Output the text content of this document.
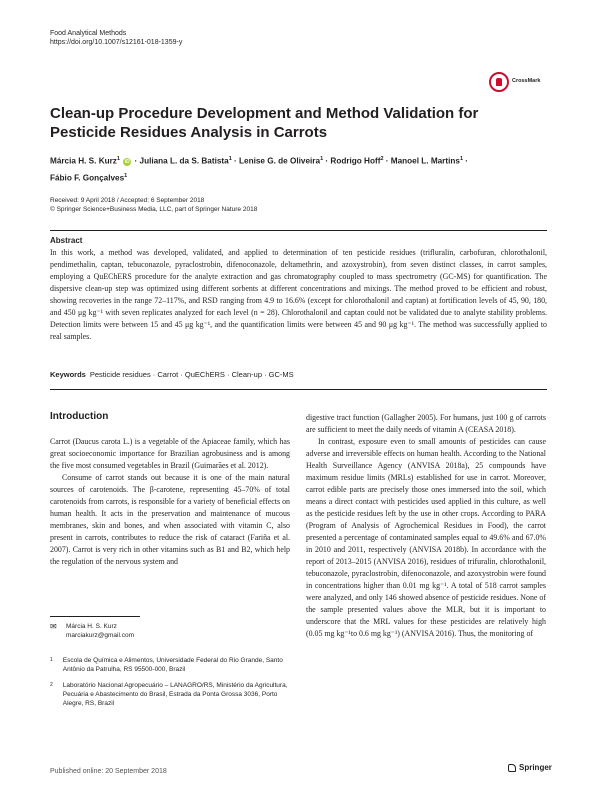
Food Analytical Methods
https://doi.org/10.1007/s12161-018-1359-y
CrossMark
Clean-up Procedure Development and Method Validation for Pesticide Residues Analysis in Carrots
Márcia H. S. Kurz$^1$ iD · Juliana L. da S. Batista$^1$ · Lenise G. de Oliveira$^1$ · Rodrigo Hoff$^2$ · Manoel L. Martins$^1$ ·
Fábio F. Gonçalves$^1$
Received: 9 April 2018 / Accepted: 6 September 2018
© Springer Science+Business Media, LLC, part of Springer Nature 2018
Abstract

In this work, a method was developed, validated, and applied to determination of ten pesticide residues (trifluralin, carbofuran, chlorothalonil, pendimethalin, captan, tebuconazole, pyraclostrobin, difenoconazole, deltamethrin, and azoxystrobin), from seven distinct classes, in carrot samples, employing a QuEChERS procedure for the analyte extraction and gas chromatography coupled to mass spectrometry (GC-MS) for quantification. The dispersive clean-up step was optimized using different sorbents at different concentrations and mixings. The method proved to be efficient and robust, showing recoveries in the range 72–117%, and RSD ranging from 4.9 to 16.6% (except for chlorothalonil and captan) at fortification levels of 45, 90, 180, and 450 μg kg⁻¹ with seven replicates analyzed for each level (n = 28). Chlorothalonil and captan could not be validated due to analyte stability problems. Detection limits were between 15 and 45 μg kg⁻¹, and the quantification limits were between 45 and 90 μg kg⁻¹. The method was successfully applied to real samples.

Keywords Pesticide residues · Carrot · QuEChERS · Clean-up · GC-MS
Introduction

Carrot (Daucus carota L.) is a vegetable of the Apiaceae family, which has great socioeconomic importance for Brazilian agrobusiness and is among the five most consumed vegetables in Brazil (Guimarães et al. 2012).

Consume of carrot stands out because it is one of the main natural sources of carotenoids. The β-carotene, representing 45–70% of total carotenoids from carrots, is responsible for a variety of beneficial effects on human health. It acts in the preservation and maintenance of mucous membranes, skin and bones, and when associated with vitamin C, also present in carrots, contributes to reduce the risk of cataract (Fariña et al. 2007). Carrot is very rich in other vitamins such as B1 and B2, which help the regulation of the nervous system and

digestive tract function (Gallagher 2005). For humans, just 100 g of carrots are sufficient to meet the daily needs of vitamin A (CEASA 2018).

In contrast, exposure even to small amounts of pesticides can cause adverse and irreversible effects on human health. According to the National Health Surveillance Agency (ANVISA 2018a), 25 compounds have maximum residue limits (MRLs) established for use in carrot. Moreover, carrot edible parts are precisely those ones immersed into the soil, which means a direct contact with pesticides used applied in this culture, as well as the pesticide residues left by the use in other crops. According to PARA (Program of Analysis of Agrochemical Residues in Food), the carrot presented a percentage of contaminated samples equal to 49.6% and 67.0% in 2010 and 2011, respectively (ANVISA 2018b). In accordance with the report of 2013–2015 (ANVISA 2016), residues of trifuralin, chlorothalonil, tebuconazole, pyraclostrobin, difenoconazole, and azoxystrobin were found in concentrations higher than 0.01 mg kg⁻¹. A total of 518 carrot samples were analyzed, and only 146 showed absence of pesticide residues. None of the sample presented values above the MLR, but it is important to underscore that the MRL values for these pesticides are relatively high (0.05 mg kg⁻¹to 0.6 mg kg⁻¹) (ANVISA 2016). Thus, the monitoring of

✉	Márcia H. S. Kurz
marciakurz@gmail.com
1 Escola de Química e Alimentos, Universidade Federal do Rio Grande, Santo Antônio da Patrulha, RS 95500-000, Brazil
2 Laboratório Nacional Agropecuário – LANAGRO/RS, Ministério da Agricultura, Pecuária e Abastecimento do Brasil, Estrada da Ponta Grossa 3036, Porto Alegre, RS, Brazil
Published online: 20 September 2018	Springer
